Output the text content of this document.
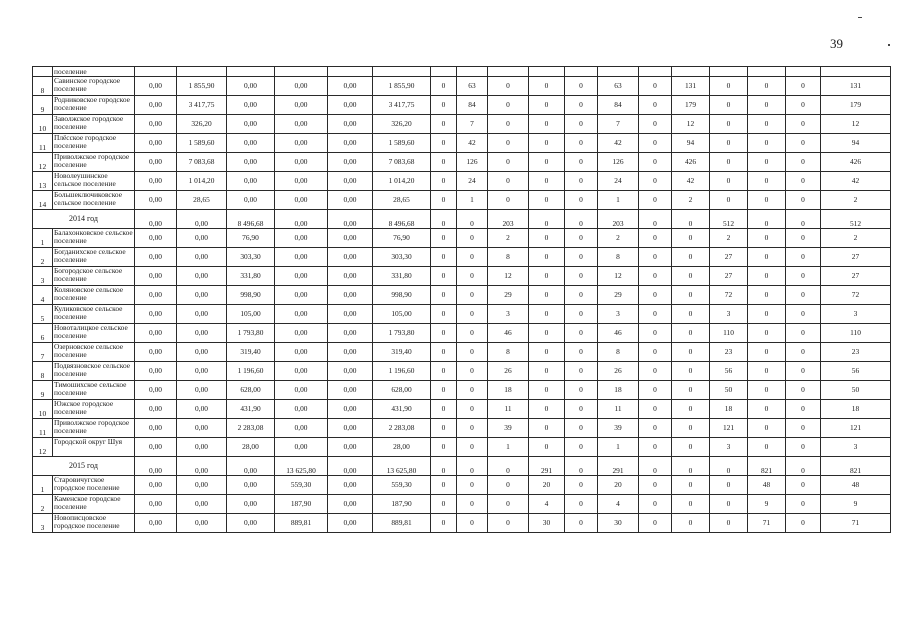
39
	поселение																		
8	Савинское городское поселение	0,00	1 855,90	0,00	0,00	0,00	1 855,90	0	63	0	0	0	63	0	131	0	0	0	131
9	Родниковское городское поселение	0,00	3 417,75	0,00	0,00	0,00	3 417,75	0	84	0	0	0	84	0	179	0	0	0	179
10	Заволжское городское поселение	0,00	326,20	0,00	0,00	0,00	326,20	0	7	0	0	0	7	0	12	0	0	0	12
11	Плёсское городское поселение	0,00	1 589,60	0,00	0,00	0,00	1 589,60	0	42	0	0	0	42	0	94	0	0	0	94
12	Приволжское городское поселение	0,00	7 083,68	0,00	0,00	0,00	7 083,68	0	126	0	0	0	126	0	426	0	0	0	426
13	Новолеушинское сельское поселение	0,00	1 014,20	0,00	0,00	0,00	1 014,20	0	24	0	0	0	24	0	42	0	0	0	42
14	Большеключиковское сельское поселение	0,00	28,65	0,00	0,00	0,00	28,65	0	1	0	0	0	1	0	2	0	0	0	2
2014 год		0,00	0,00	8 496,68	0,00	0,00	8 496,68	0	0	203	0	0	203	0	0	512	0	0	512
1	Балахонковское сельское поселение	0,00	0,00	76,90	0,00	0,00	76,90	0	0	2	0	0	2	0	0	2	0	0	2
2	Богданихское сельское поселение	0,00	0,00	303,30	0,00	0,00	303,30	0	0	8	0	0	8	0	0	27	0	0	27
3	Богородское сельское поселение	0,00	0,00	331,80	0,00	0,00	331,80	0	0	12	0	0	12	0	0	27	0	0	27
4	Коляновское сельское поселение	0,00	0,00	998,90	0,00	0,00	998,90	0	0	29	0	0	29	0	0	72	0	0	72
5	Куликовское сельское поселение	0,00	0,00	105,00	0,00	0,00	105,00	0	0	3	0	0	3	0	0	3	0	0	3
6	Новоталицкое сельское поселение	0,00	0,00	1 793,80	0,00	0,00	1 793,80	0	0	46	0	0	46	0	0	110	0	0	110
7	Озерновское сельское поселение	0,00	0,00	319,40	0,00	0,00	319,40	0	0	8	0	0	8	0	0	23	0	0	23
8	Подвязновское сельское поселение	0,00	0,00	1 196,60	0,00	0,00	1 196,60	0	0	26	0	0	26	0	0	56	0	0	56
9	Тимошихское сельское поселение	0,00	0,00	628,00	0,00	0,00	628,00	0	0	18	0	0	18	0	0	50	0	0	50
10	Южское городское поселение	0,00	0,00	431,90	0,00	0,00	431,90	0	0	11	0	0	11	0	0	18	0	0	18
11	Приволжское городское поселение	0,00	0,00	2 283,08	0,00	0,00	2 283,08	0	0	39	0	0	39	0	0	121	0	0	121
12	Городской округ Шуя	0,00	0,00	28,00	0,00	0,00	28,00	0	0	1	0	0	1	0	0	3	0	0	3
2015 год		0,00	0,00	0,00	13 625,80	0,00	13 625,80	0	0	0	291	0	291	0	0	0	821	0	821
1	Старовичугское городское поселение	0,00	0,00	0,00	559,30	0,00	559,30	0	0	0	20	0	20	0	0	0	48	0	48
2	Каменское городское поселение	0,00	0,00	0,00	187,90	0,00	187,90	0	0	0	4	0	4	0	0	0	9	0	9
3	Новописцовское городское поселение	0,00	0,00	0,00	889,81	0,00	889,81	0	0	0	30	0	30	0	0	0	71	0	71
